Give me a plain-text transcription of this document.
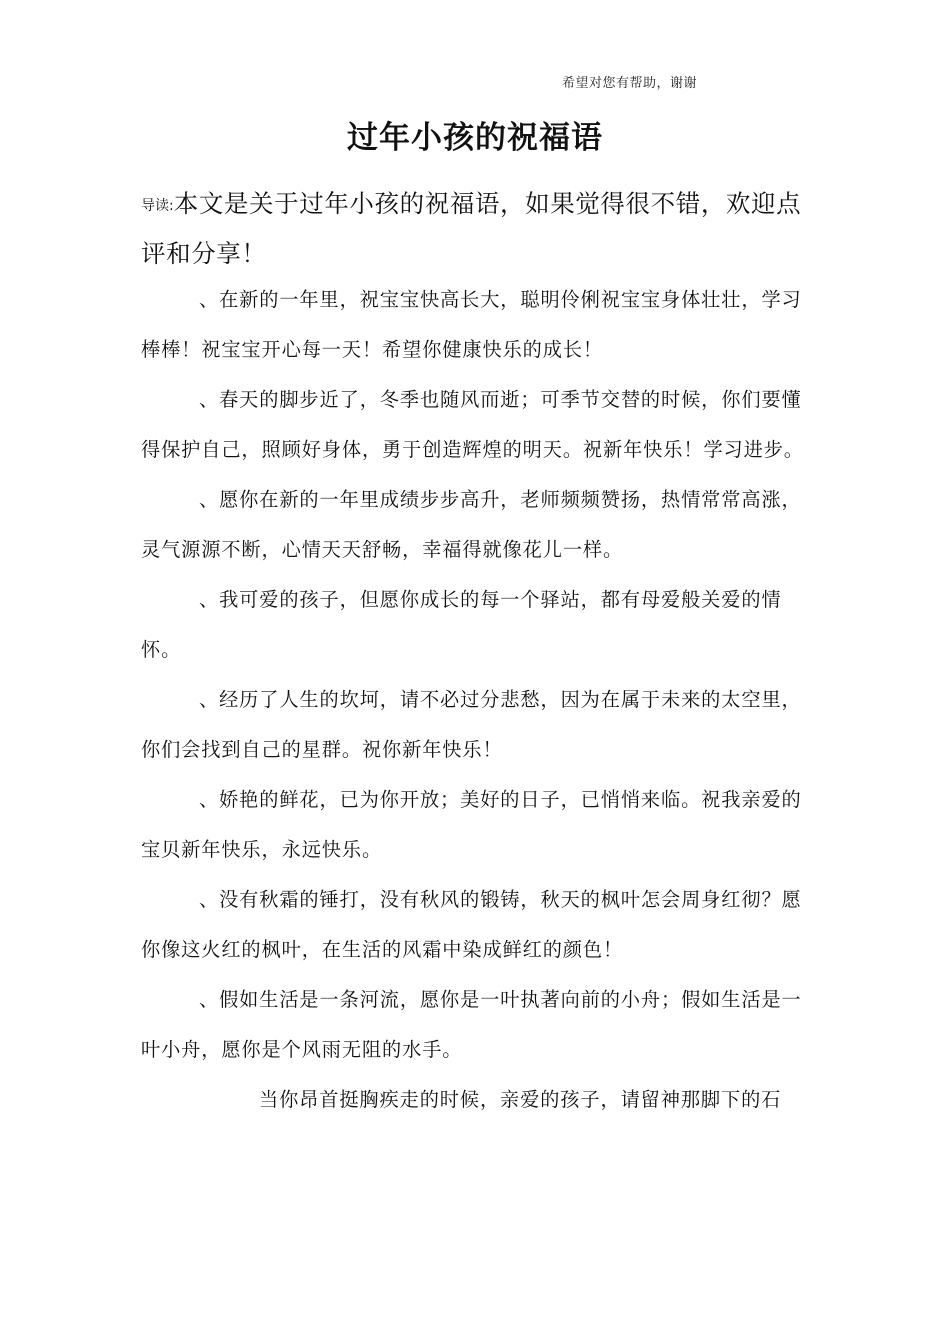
希望对您有帮助，谢谢
过年小孩的祝福语

导读:本文是关于过年小孩的祝福语，如果觉得很不错，欢迎点评和分享！

、在新的一年里，祝宝宝快高长大，聪明伶俐祝宝宝身体壮壮，学习棒棒！祝宝宝开心每一天！希望你健康快乐的成长！

、春天的脚步近了，冬季也随风而逝；可季节交替的时候，你们要懂得保护自己，照顾好身体，勇于创造辉煌的明天。祝新年快乐！学习进步。

、愿你在新的一年里成绩步步高升，老师频频赞扬，热情常常高涨，灵气源源不断，心情天天舒畅，幸福得就像花儿一样。

、我可爱的孩子，但愿你成长的每一个驿站，都有母爱般关爱的情怀。

、经历了人生的坎坷，请不必过分悲愁，因为在属于未来的太空里，你们会找到自己的星群。祝你新年快乐！

、娇艳的鲜花，已为你开放；美好的日子，已悄悄来临。祝我亲爱的宝贝新年快乐，永远快乐。

、没有秋霜的锤打，没有秋风的锻铸，秋天的枫叶怎会周身红彻？愿你像这火红的枫叶，在生活的风霜中染成鲜红的颜色！

、假如生活是一条河流，愿你是一叶执著向前的小舟；假如生活是一叶小舟，愿你是个风雨无阻的水手。

当你昂首挺胸疾走的时候，亲爱的孩子，请留神那脚下的石
